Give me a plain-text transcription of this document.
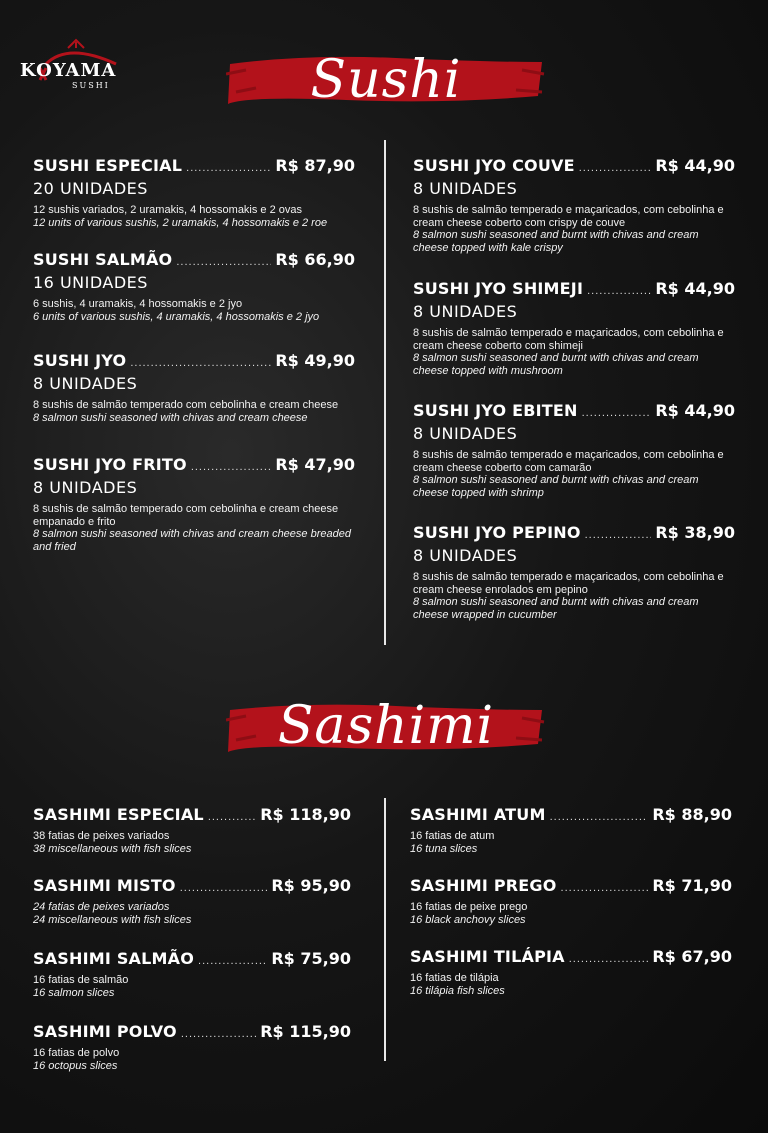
KOYAMA
SUSHI	Sushi
Sashimi
SUSHI ESPECIAL .....	R$ 87,90
20 UNIDADES
12 sushis variados, 2 uramakis, 4 hossomakis e 2 ovas
12 units of various sushis, 2 uramakis, 4 hossomakis e 2 roe
SUSHI SALMÃO .....	R$ 66,90
16 UNIDADES
6 sushis, 4 uramakis, 4 hossomakis e 2 jyo
6 units of various sushis, 4 uramakis, 4 hossomakis e 2 jyo
SUSHI JYO .....	R$ 49,90
8 UNIDADES
8 sushis de salmão temperado com cebolinha e cream cheese
8 salmon sushi seasoned with chivas and cream cheese
SUSHI JYO FRITO .....	R$ 47,90
8 UNIDADES
8 sushis de salmão temperado com cebolinha e cream cheese empanado e frito
8 salmon sushi seasoned with chivas and cream cheese breaded and fried
SUSHI JYO COUVE .....	R$ 44,90
8 UNIDADES
8 sushis de salmão temperado e maçaricados, com cebolinha e cream cheese coberto com crispy de couve
8 salmon sushi seasoned and burnt with chivas and cream cheese topped with kale crispy
SUSHI JYO SHIMEJI .....	R$ 44,90
8 UNIDADES
8 sushis de salmão temperado e maçaricados, com cebolinha e cream cheese coberto com shimeji
8 salmon sushi seasoned and burnt with chivas and cream cheese topped with mushroom
SUSHI JYO EBITEN .....	R$ 44,90
8 UNIDADES
8 sushis de salmão temperado e maçaricados, com cebolinha e cream cheese coberto com camarão
8 salmon sushi seasoned and burnt with chivas and cream cheese topped with shrimp
SUSHI JYO PEPINO .....	R$ 38,90
8 UNIDADES
8 sushis de salmão temperado e maçaricados, com cebolinha e cream cheese enrolados em pepino
8 salmon sushi seasoned and burnt with chivas and cream cheese wrapped in cucumber
SASHIMI ESPECIAL .....	R$ 118,90
38 fatias de peixes variados
38 miscellaneous with fish slices
SASHIMI MISTO .....	R$ 95,90
24 fatias de peixes variados
24 miscellaneous with fish slices
SASHIMI SALMÃO .....	R$ 75,90
16 fatias de salmão
16 salmon slices
SASHIMI POLVO .....	R$ 115,90
16 fatias de polvo
16 octopus slices
SASHIMI ATUM .....	R$ 88,90
16 fatias de atum
16 tuna slices
SASHIMI PREGO .....	R$ 71,90
16 fatias de peixe prego
16 black anchovy slices
SASHIMI TILÁPIA .....	R$ 67,90
16 fatias de tilápia
16 tilápia fish slices
